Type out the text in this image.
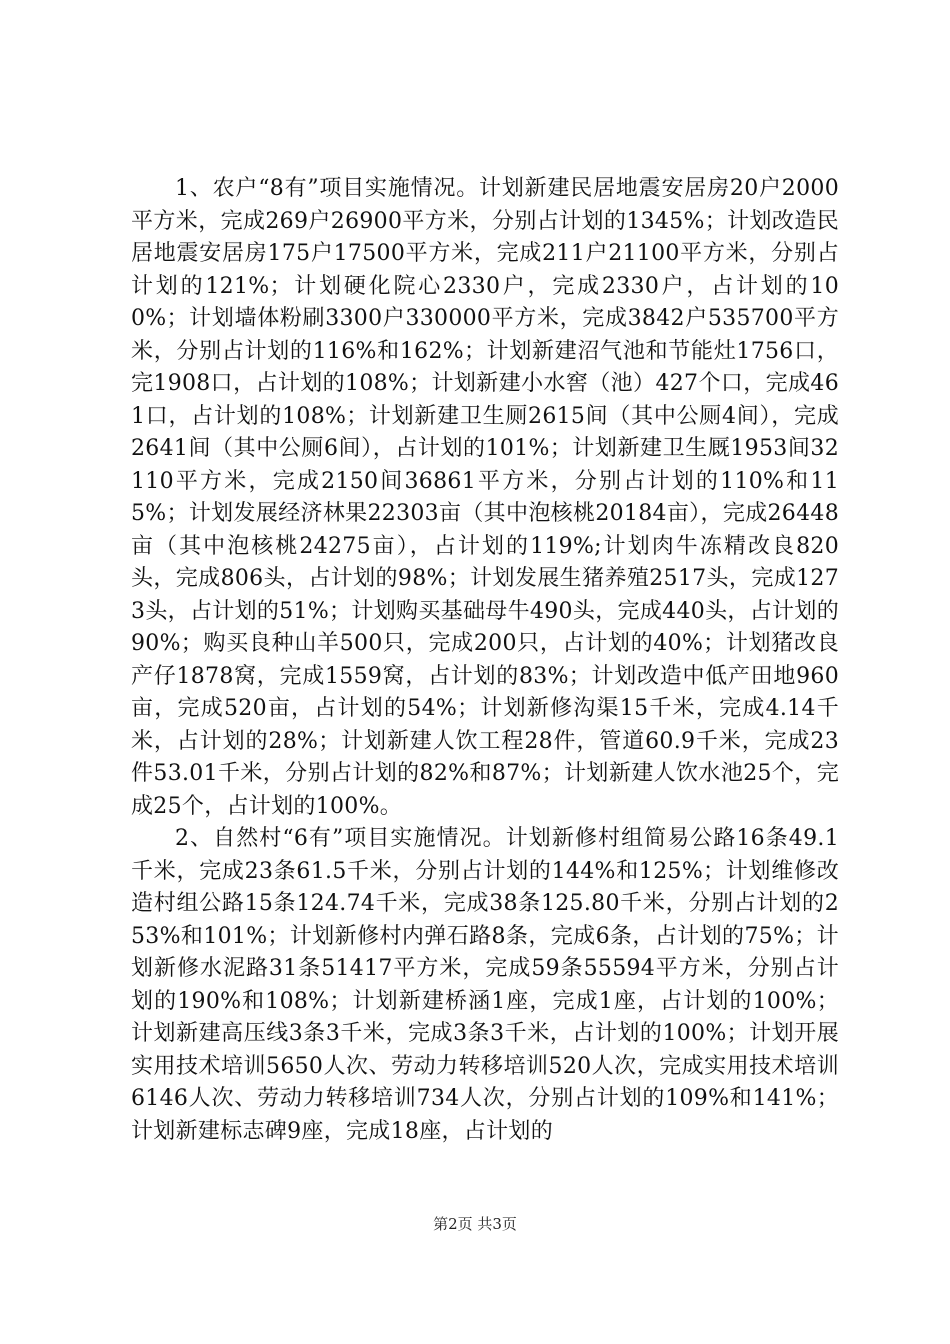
1、农户“8有”项目实施情况。计划新建民居地震安居房20户2000平方米，完成269户26900平方米，分别占计划的1345%；计划改造民居地震安居房175户17500平方米，完成211户21100平方米，分别占计划的121%；计划硬化院心2330户，完成2330户，占计划的100%；计划墙体粉刷3300户330000平方米，完成3842户535700平方米，分别占计划的116%和162%；计划新建沼气池和节能灶1756口，完1908口，占计划的108%；计划新建小水窖（池）427个口，完成461口，占计划的108%；计划新建卫生厕2615间（其中公厕4间），完成2641间（其中公厕6间），占计划的101%；计划新建卫生厩1953间32110平方米，完成2150间36861平方米，分别占计划的110%和115%；计划发展经济林果22303亩（其中泡核桃20184亩），完成26448亩（其中泡核桃24275亩），占计划的119%;计划肉牛冻精改良820头，完成806头，占计划的98%；计划发展生猪养殖2517头，完成1273头，占计划的51%；计划购买基础母牛490头，完成440头，占计划的90%；购买良种山羊500只，完成200只，占计划的40%；计划猪改良产仔1878窝，完成1559窝，占计划的83%；计划改造中低产田地960亩，完成520亩，占计划的54%；计划新修沟渠15千米，完成4.14千米，占计划的28%；计划新建人饮工程28件，管道60.9千米，完成23件53.01千米，分别占计划的82%和87%；计划新建人饮水池25个，完成25个，占计划的100%。

2、自然村“6有”项目实施情况。计划新修村组简易公路16条49.1千米，完成23条61.5千米，分别占计划的144%和125%；计划维修改造村组公路15条124.74千米，完成38条125.80千米，分别占计划的253%和101%；计划新修村内弹石路8条，完成6条，占计划的75%；计划新修水泥路31条51417平方米，完成59条55594平方米，分别占计划的190%和108%；计划新建桥涵1座，完成1座，占计划的100%；计划新建高压线3条3千米，完成3条3千米，占计划的100%；计划开展实用技术培训5650人次、劳动力转移培训520人次，完成实用技术培训6146人次、劳动力转移培训734人次，分别占计划的109%和141%；计划新建标志碑9座，完成18座，占计划的

第2页 共3页
